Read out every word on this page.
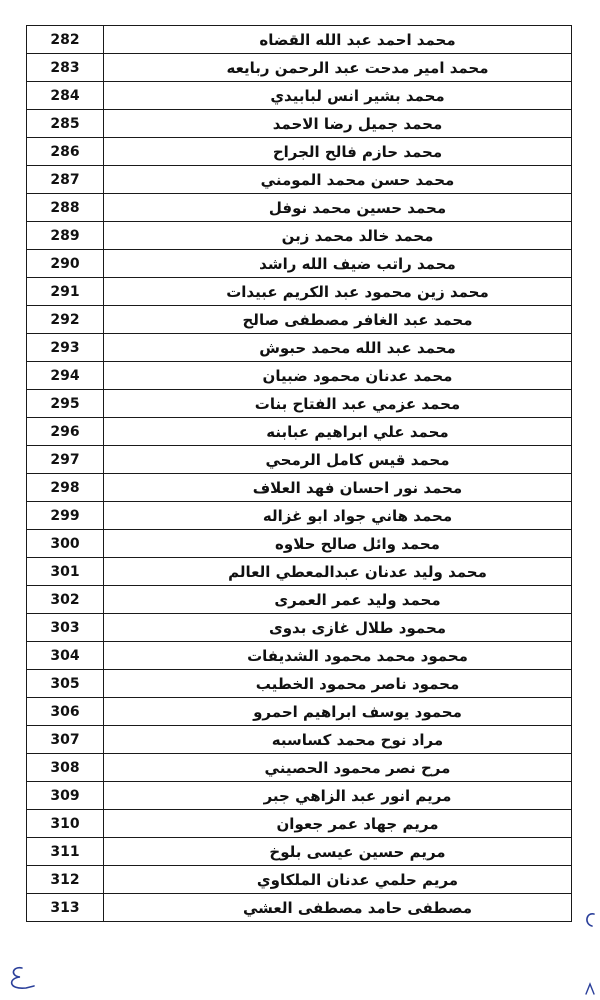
282	محمد احمد عبد الله القضاه
283	محمد امير مدحت عبد الرحمن ربايعه
284	محمد بشير انس لبابيدي
285	محمد جميل رضا الاحمد
286	محمد حازم فالح الجراح
287	محمد حسن محمد المومني
288	محمد حسين محمد نوفل
289	محمد خالد محمد زبن
290	محمد راتب ضيف الله راشد
291	محمد زين محمود عبد الكريم عبيدات
292	محمد عبد الغافر مصطفى صالح
293	محمد عبد الله محمد حبوش
294	محمد عدنان محمود ضبيان
295	محمد عزمي عبد الفتاح بنات
296	محمد علي ابراهيم عبابنه
297	محمد قيس كامل الرمحي
298	محمد نور احسان فهد العلاف
299	محمد هاني جواد ابو غزاله
300	محمد وائل صالح حلاوه
301	محمد وليد عدنان عبدالمعطي العالم
302	محمد وليد عمر العمرى
303	محمود طلال غازى بدوى
304	محمود محمد محمود الشديفات
305	محمود ناصر محمود الخطيب
306	محمود يوسف ابراهيم احمرو
307	مراد نوح محمد كساسبه
308	مرح نصر محمود الحصيني
309	مريم انور عبد الزاهي جبر
310	مريم جهاد عمر جعوان
311	مريم حسين عيسى بلوخ
312	مريم حلمي عدنان الملكاوي
313	مصطفى حامد مصطفى العشي
